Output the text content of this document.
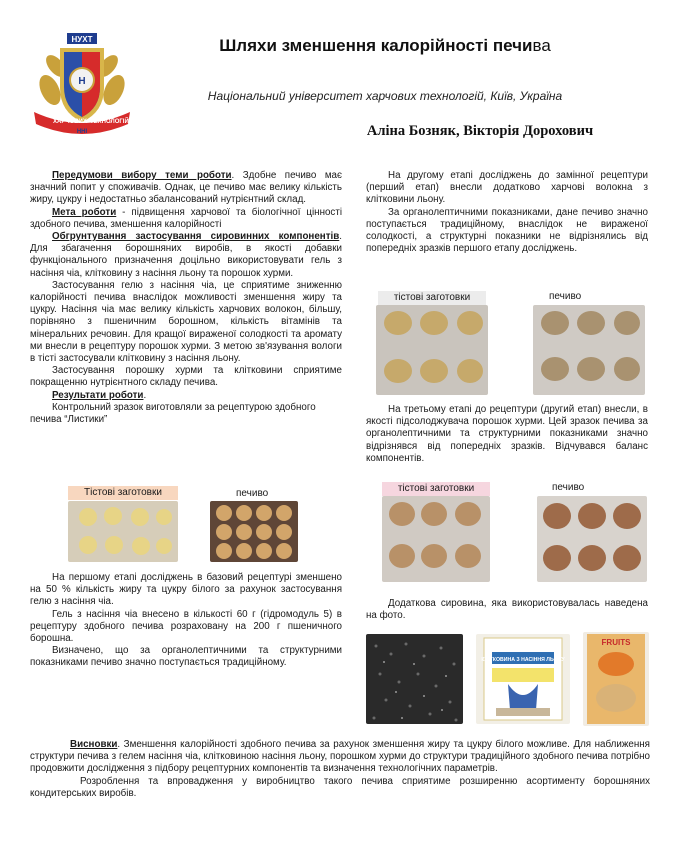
НУХТ
Н
ХАРЧОВИХ ТЕХНОЛОГІЙ
ННІ
Шляхи зменшення калорійності печива
Національний університет харчових технологій, Київ, Україна
Аліна Бозняк, Вікторія Дорохович

Передумови вибору теми роботи. Здобне печиво має значний попит у споживачів. Однак, це печиво має велику кількість жиру, цукру і недостатньо збалансований нутрієнтний склад.

Мета роботи - підвищення харчової та біологічної цінності здобного печива, зменшення калорійності

Обгрунтування застосування сировинних компонентів. Для збагачення борошняних виробів, в якості добавки функціонального призначення доцільно використовувати гель з насіння чіа, клітковину з насіння льону та порошок хурми.

Застосування гелю з насіння чіа, це сприятиме зниженню калорійності печива внаслідок можливості зменшення жиру та цукру. Насіння чіа має велику кількість харчових волокон, більшу, порівняно з пшеничним борошном, кількість вітамінів та мінеральних речовин. Для кращої вираженої солодкості та аромату ми внесли в рецептуру порошок хурми. З метою зв'язування вологи в тісті застосували клітковину з насіння льону.

Застосування порошку хурми та клітковини сприятиме покращенню нутрієнтного складу печива.

Результати роботи.

Контрольний зразок виготовляли за рецептурою здобного печива “Листики”

Тістові заготовки	печиво

На першому етапі досліджень в базовий рецептурі зменшено на 50 % кількість жиру та цукру білого за рахунок застосування гелю з насіння чіа.

Гель з насіння чіа внесено в кількості 60 г (гідромодуль 5) в рецептуру здобного печива розраховану на 200 г пшеничного борошна.

Визначено, що за органолептичними та структурними показниками печиво значно поступається традиційному.

На другому етапі досліджень до замінної рецептури (перший етап) внесли додатково харчові волокна з клітковини льону.

За органолептичними показниками, дане печиво значно поступається традиційному, внаслідок не вираженої солодкості, а структурні показники не відрізнялись від попередніх зразків першого етапу досліджень.

тістові заготовки	печиво

На третьому етапі до рецептури (другий етап) внесли, в якості підсолоджувача порошок хурми. Цей зразок печива за органолептичними та структурними показниками значно відрізнявся від попередніх зразків. Відчувався баланс компонентів.

тістові заготовки	печиво

Додаткова сировина, яка використовувалась наведена на фото.

КЛІТКОВИНА З НАСІННЯ ЛЬОНУ
FRUITS

Висновки. Зменшення калорійності здобного печива за рахунок зменшення жиру та цукру білого можливе. Для наближення структури печива з гелем насіння чіа, клітковиною насіння льону, порошком хурми до структури традиційного здобного печива потрібно продовжити дослідження з підбору рецептурних компонентів та визначення технологічних параметрів.

Розроблення та впровадження у виробництво такого печива сприятиме розширенню асортименту борошняних кондитерських виробів.
